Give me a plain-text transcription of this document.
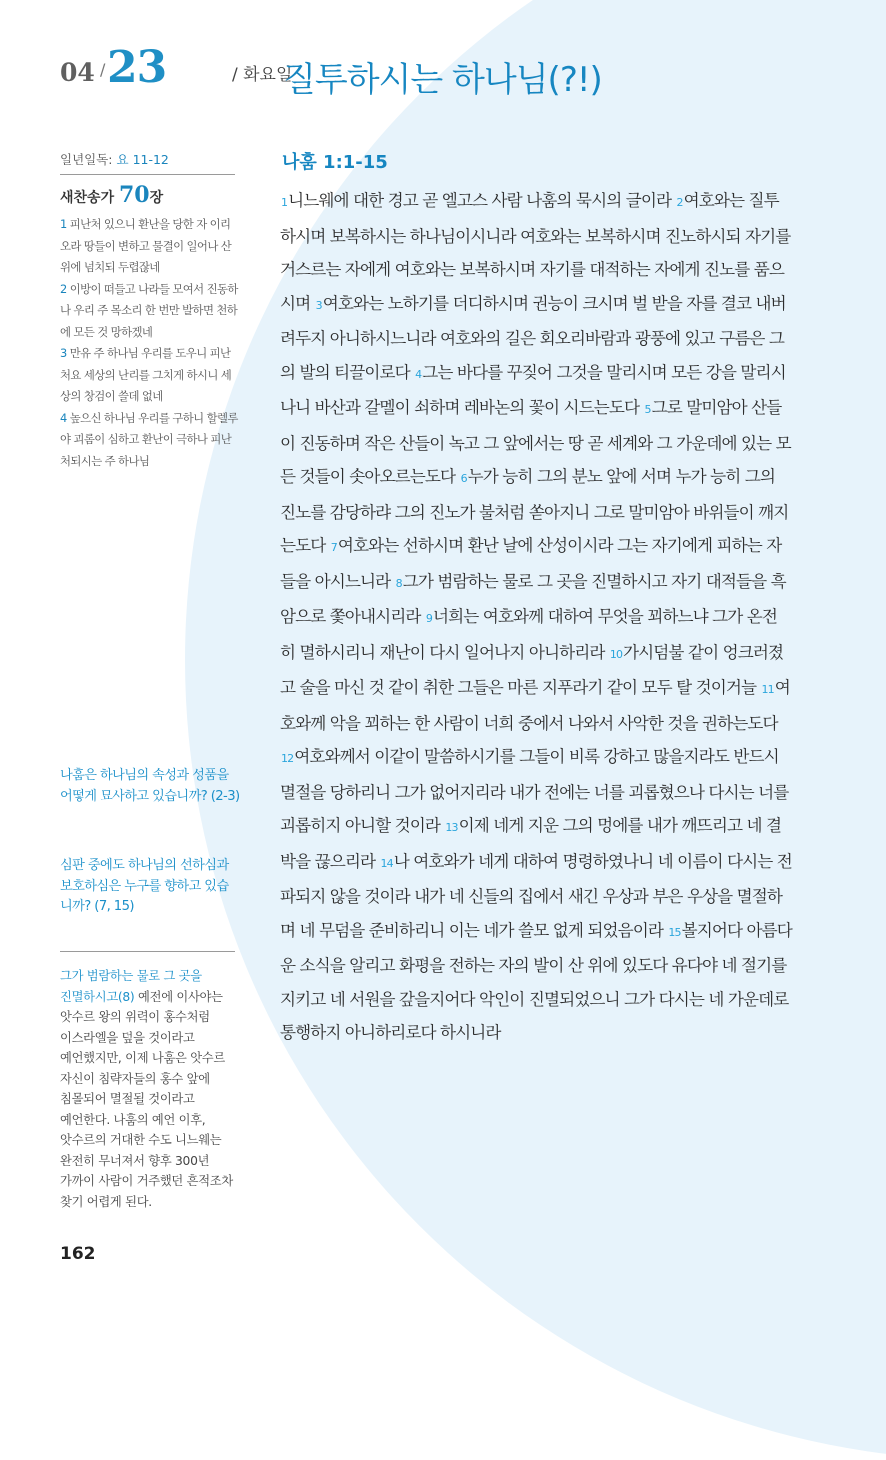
04 / 23	/ 화요일
질투하시는 하나님(?!)
일년일독: 요 11-12
새찬송가 70장
1 피난처 있으니 환난을 당한 자 이리 오라 땅들이 변하고 물결이 일어나 산 위에 넘치되 두렵잖네
2 이방이 떠들고 나라들 모여서 진동하나 우리 주 목소리 한 번만 발하면 천하에 모든 것 망하겠네
3 만유 주 하나님 우리를 도우니 피난처요 세상의 난리를 그치게 하시니 세상의 창검이 쓸데 없네
4 높으신 하나님 우리를 구하니 할렐루야 괴롬이 심하고 환난이 극하나 피난처되시는 주 하나님
나훔은 하나님의 속성과 성품을 어떻게 묘사하고 있습니까? (2-3)
심판 중에도 하나님의 선하심과 보호하심은 누구를 향하고 있습니까? (7, 15)
그가 범람하는 물로 그 곳을 진멸하시고(8) 예전에 이사야는 앗수르 왕의 위력이 홍수처럼 이스라엘을 덮을 것이라고 예언했지만, 이제 나훔은 앗수르 자신이 침략자들의 홍수 앞에 침몰되어 멸절될 것이라고 예언한다. 나훔의 예언 이후, 앗수르의 거대한 수도 니느웨는 완전히 무너져서 향후 300년 가까이 사람이 거주했던 흔적조차 찾기 어렵게 된다.
162
나훔 1:1-15
1니느웨에 대한 경고 곧 엘고스 사람 나훔의 묵시의 글이라 2여호와는 질투하시며 보복하시는 하나님이시니라 여호와는 보복하시며 진노하시되 자기를 거스르는 자에게 여호와는 보복하시며 자기를 대적하는 자에게 진노를 품으시며 3여호와는 노하기를 더디하시며 권능이 크시며 벌 받을 자를 결코 내버려두지 아니하시느니라 여호와의 길은 회오리바람과 광풍에 있고 구름은 그의 발의 티끌이로다 4그는 바다를 꾸짖어 그것을 말리시며 모든 강을 말리시나니 바산과 갈멜이 쇠하며 레바논의 꽃이 시드는도다 5그로 말미암아 산들이 진동하며 작은 산들이 녹고 그 앞에서는 땅 곧 세계와 그 가운데에 있는 모든 것들이 솟아오르는도다 6누가 능히 그의 분노 앞에 서며 누가 능히 그의 진노를 감당하랴 그의 진노가 불처럼 쏟아지니 그로 말미암아 바위들이 깨지는도다 7여호와는 선하시며 환난 날에 산성이시라 그는 자기에게 피하는 자들을 아시느니라 8그가 범람하는 물로 그 곳을 진멸하시고 자기 대적들을 흑암으로 쫓아내시리라 9너희는 여호와께 대하여 무엇을 꾀하느냐 그가 온전히 멸하시리니 재난이 다시 일어나지 아니하리라 10가시덤불 같이 엉크러졌고 술을 마신 것 같이 취한 그들은 마른 지푸라기 같이 모두 탈 것이거늘 11여호와께 악을 꾀하는 한 사람이 너희 중에서 나와서 사악한 것을 권하는도다 12여호와께서 이같이 말씀하시기를 그들이 비록 강하고 많을지라도 반드시 멸절을 당하리니 그가 없어지리라 내가 전에는 너를 괴롭혔으나 다시는 너를 괴롭히지 아니할 것이라 13이제 네게 지운 그의 멍에를 내가 깨뜨리고 네 결박을 끊으리라 14나 여호와가 네게 대하여 명령하였나니 네 이름이 다시는 전파되지 않을 것이라 내가 네 신들의 집에서 새긴 우상과 부은 우상을 멸절하며 네 무덤을 준비하리니 이는 네가 쓸모 없게 되었음이라 15볼지어다 아름다운 소식을 알리고 화평을 전하는 자의 발이 산 위에 있도다 유다야 네 절기를 지키고 네 서원을 갚을지어다 악인이 진멸되었으니 그가 다시는 네 가운데로 통행하지 아니하리로다 하시니라
